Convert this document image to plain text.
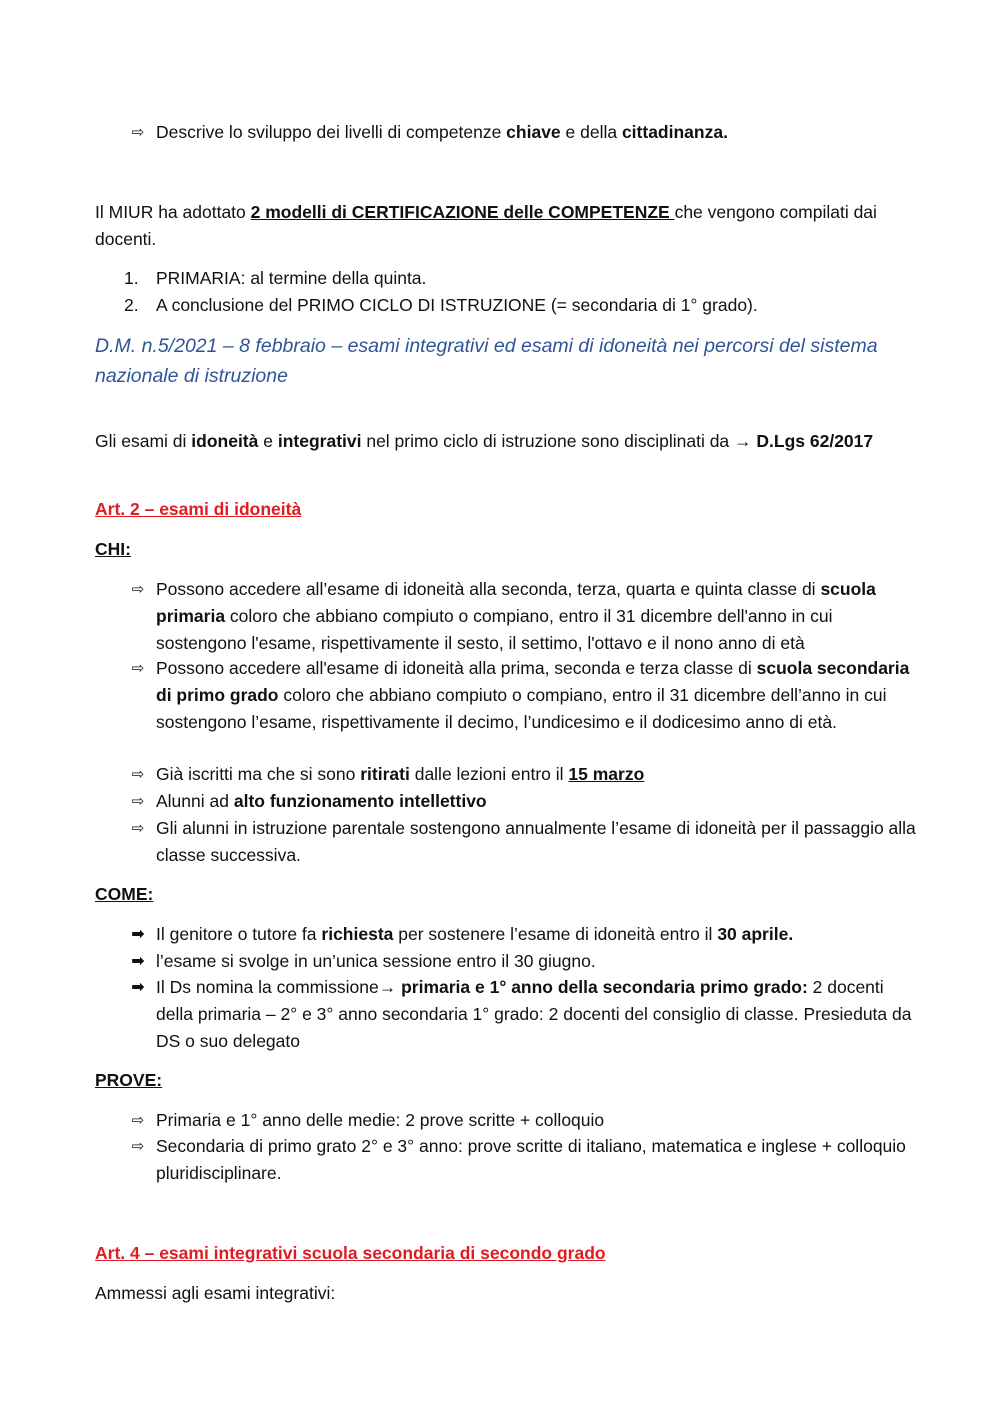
⇨ Descrive lo sviluppo dei livelli di competenze chiave e della cittadinanza.
Il MIUR ha adottato 2 modelli di CERTIFICAZIONE delle COMPETENZE che vengono compilati dai docenti.
1. PRIMARIA: al termine della quinta.
2. A conclusione del PRIMO CICLO DI ISTRUZIONE (= secondaria di 1° grado).
D.M. n.5/2021 – 8 febbraio – esami integrativi ed esami di idoneità nei percorsi del sistema nazionale di istruzione
Gli esami di idoneità e integrativi nel primo ciclo di istruzione sono disciplinati da → D.Lgs 62/2017
Art. 2 – esami di idoneità
CHI:
⇨ Possono accedere all’esame di idoneità alla seconda, terza, quarta e quinta classe di scuola primaria coloro che abbiano compiuto o compiano, entro il 31 dicembre dell'anno in cui sostengono l'esame, rispettivamente il sesto, il settimo, l'ottavo e il nono anno di età
⇨ Possono accedere all'esame di idoneità alla prima, seconda e terza classe di scuola secondaria di primo grado coloro che abbiano compiuto o compiano, entro il 31 dicembre dell’anno in cui sostengono l’esame, rispettivamente il decimo, l’undicesimo e il dodicesimo anno di età.
⇨ Già iscritti ma che si sono ritirati dalle lezioni entro il 15 marzo
⇨ Alunni ad alto funzionamento intellettivo
⇨ Gli alunni in istruzione parentale sostengono annualmente l’esame di idoneità per il passaggio alla classe successiva.
COME:
➡ Il genitore o tutore fa richiesta per sostenere l’esame di idoneità entro il 30 aprile.
➡ l’esame si svolge in un’unica sessione entro il 30 giugno.
➡ Il Ds nomina la commissione→ primaria e 1° anno della secondaria primo grado: 2 docenti della primaria – 2° e 3° anno secondaria 1° grado: 2 docenti del consiglio di classe. Presieduta da DS o suo delegato
PROVE:
⇨ Primaria e 1° anno delle medie: 2 prove scritte + colloquio
⇨ Secondaria di primo grato 2° e 3° anno: prove scritte di italiano, matematica e inglese + colloquio pluridisciplinare.
Art. 4 – esami integrativi scuola secondaria di secondo grado
Ammessi agli esami integrativi:
